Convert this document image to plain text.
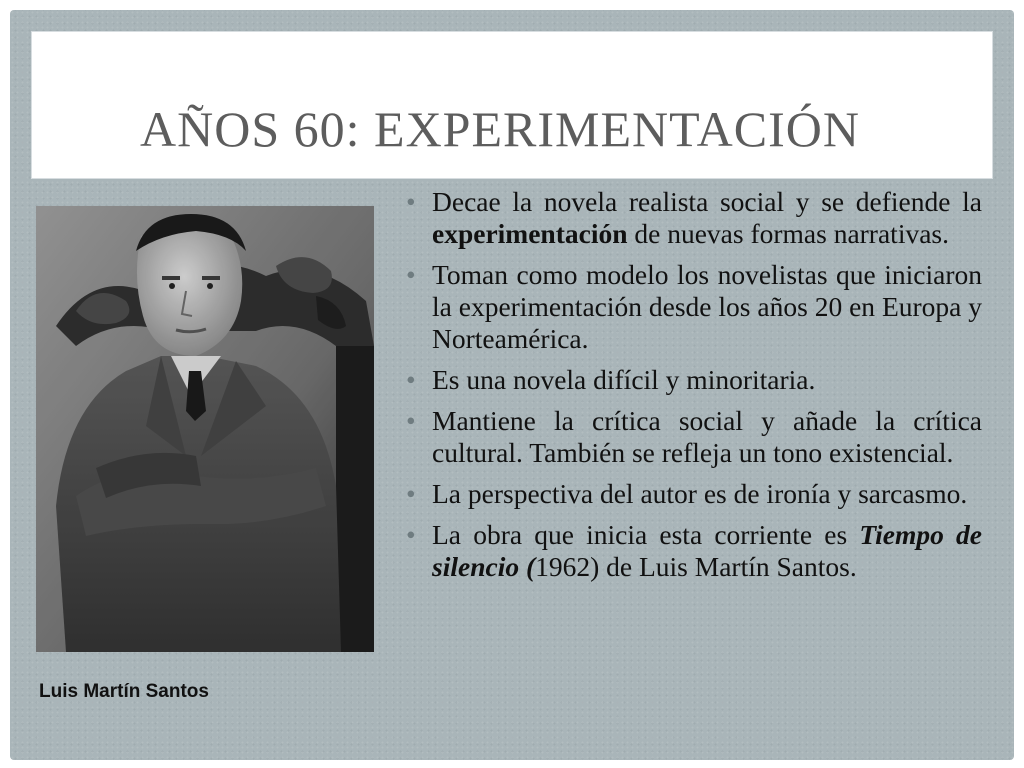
AÑOS 60: EXPERIMENTACIÓN
Luis Martín Santos
• Decae la novela realista social y se defiende la experimentación de nuevas formas narrativas.
• Toman como modelo los novelistas que iniciaron la experimentación desde los años 20 en Europa y Norteamérica.
• Es una novela difícil y minoritaria.
• Mantiene la crítica social y añade la crítica cultural. También se refleja un tono existencial.
• La perspectiva del autor es de ironía y sarcasmo.
• La obra que inicia esta corriente es Tiempo de silencio (1962) de Luis Martín Santos.
